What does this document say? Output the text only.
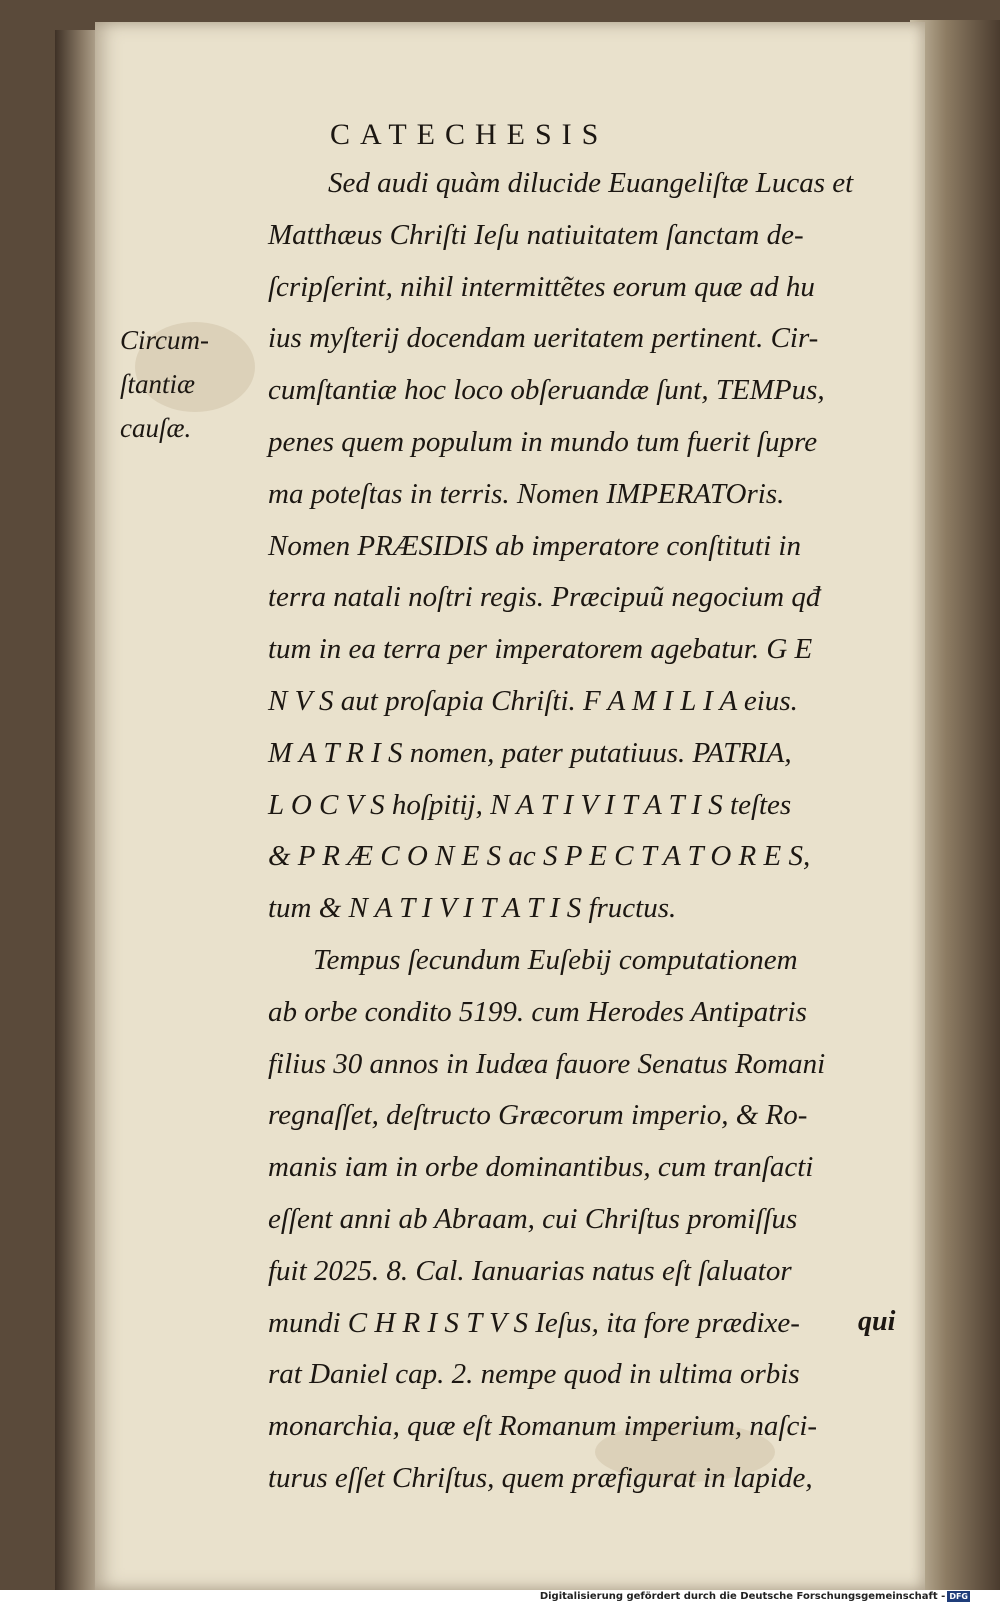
CATECHESIS
Circum-
ſtantiæ
cauſæ.
Sed audi quàm dilucide Euangeliſtæ Lucas et
Matthæus Chriſti Ieſu natiuitatem ſanctam de-
ſcripſerint, nihil intermittẽtes eorum quæ ad hu
ius myſterij docendam ueritatem pertinent. Cir-
cumſtantiæ hoc loco obſeruandæ ſunt, TEMPus,
penes quem populum in mundo tum fuerit ſupre
ma poteſtas in terris. Nomen IMPERATOris.
Nomen PRÆSIDIS ab imperatore conſtituti in
terra natali noſtri regis. Præcipuũ negocium qđ
tum in ea terra per imperatorem agebatur. G E
N V S aut proſapia Chriſti. F A M I L I A eius.
M A T R I S nomen, pater putatiuus. PATRIA,
L O C V S hoſpitij, N A T I V I T A T I S teſtes
& P R Æ C O N E S ac S P E C T A T O R E S,
tum & N A T I V I T A T I S fructus.
Tempus ſecundum Euſebij computationem
ab orbe condito 5199. cum Herodes Antipatris
filius 30 annos in Iudæa fauore Senatus Romani
regnaſſet, deſtructo Græcorum imperio, & Ro-
manis iam in orbe dominantibus, cum tranſacti
eſſent anni ab Abraam, cui Chriſtus promiſſus
fuit 2025. 8. Cal. Ianuarias natus eſt ſaluator
mundi C H R I S T V S Ieſus, ita fore prædixe-
rat Daniel cap. 2. nempe quod in ultima orbis
monarchia, quæ eſt Romanum imperium, naſci-
turus eſſet Chriſtus, quem præfigurat in lapide,
qui
Digitalisierung gefördert durch die Deutsche Forschungsgemeinschaft - DFG
